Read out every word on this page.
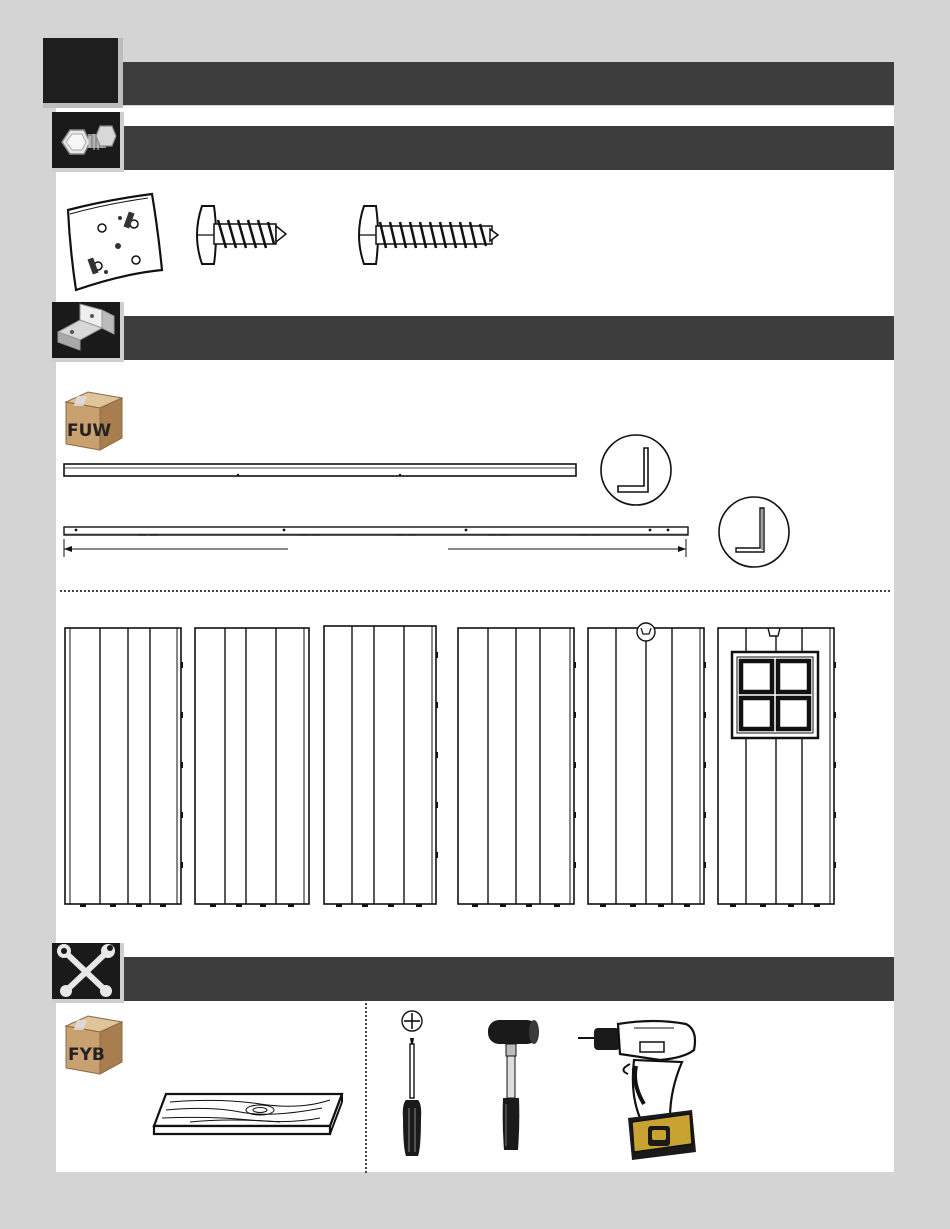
FUW
FYB
